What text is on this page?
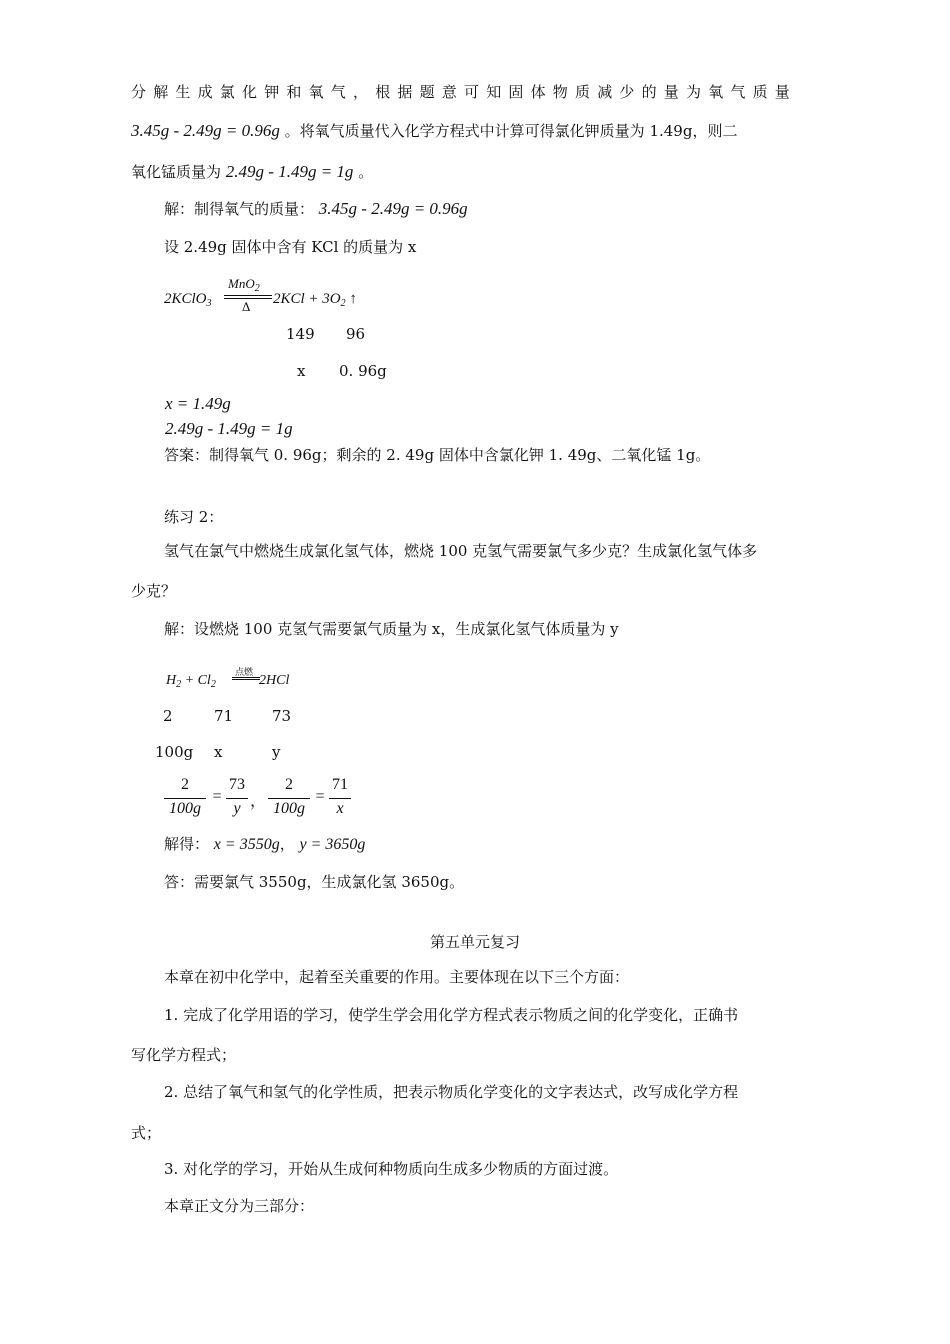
分解生成氯化钾和氧气，根据题意可知固体物质减少的量为氧气质量
3.45g - 2.49g = 0.96g 。将氧气质量代入化学方程式中计算可得氯化钾质量为 1.49g，则二
氧化锰质量为 2.49g - 1.49g = 1g 。
解：制得氧气的质量： 3.45g - 2.49g = 0.96g
设 2.49g 固体中含有 KCl 的质量为 x
2KClO$_3$
MnO$_2$
Δ $2KCl + 3O_2$ ↑
149 96
x 0. 96g
x = 1.49g
2.49g - 1.49g = 1g
答案：制得氧气 0. 96g；剩余的 2. 49g 固体中含氯化钾 1. 49g、二氧化锰 1g。
练习 2：
氢气在氯气中燃烧生成氯化氢气体，燃烧 100 克氢气需要氯气多少克？生成氯化氢气体多
少克？
解：设燃烧 100 克氢气需要氯气质量为 x，生成氯化氢气体质量为 y
$H_2 + Cl_2$
点燃
2HCl
2	71	73
100g x	y
2
100g
=
73
y ，
2
100g
=
71
x
解得： x = 3550g， y = 3650g
答：需要氯气 3550g，生成氯化氢 3650g。
第五单元复习
本章在初中化学中，起着至关重要的作用。主要体现在以下三个方面：
1. 完成了化学用语的学习，使学生学会用化学方程式表示物质之间的化学变化，正确书
写化学方程式；
2. 总结了氧气和氢气的化学性质，把表示物质化学变化的文字表达式，改写成化学方程
式；
3. 对化学的学习，开始从生成何种物质向生成多少物质的方面过渡。
本章正文分为三部分：
